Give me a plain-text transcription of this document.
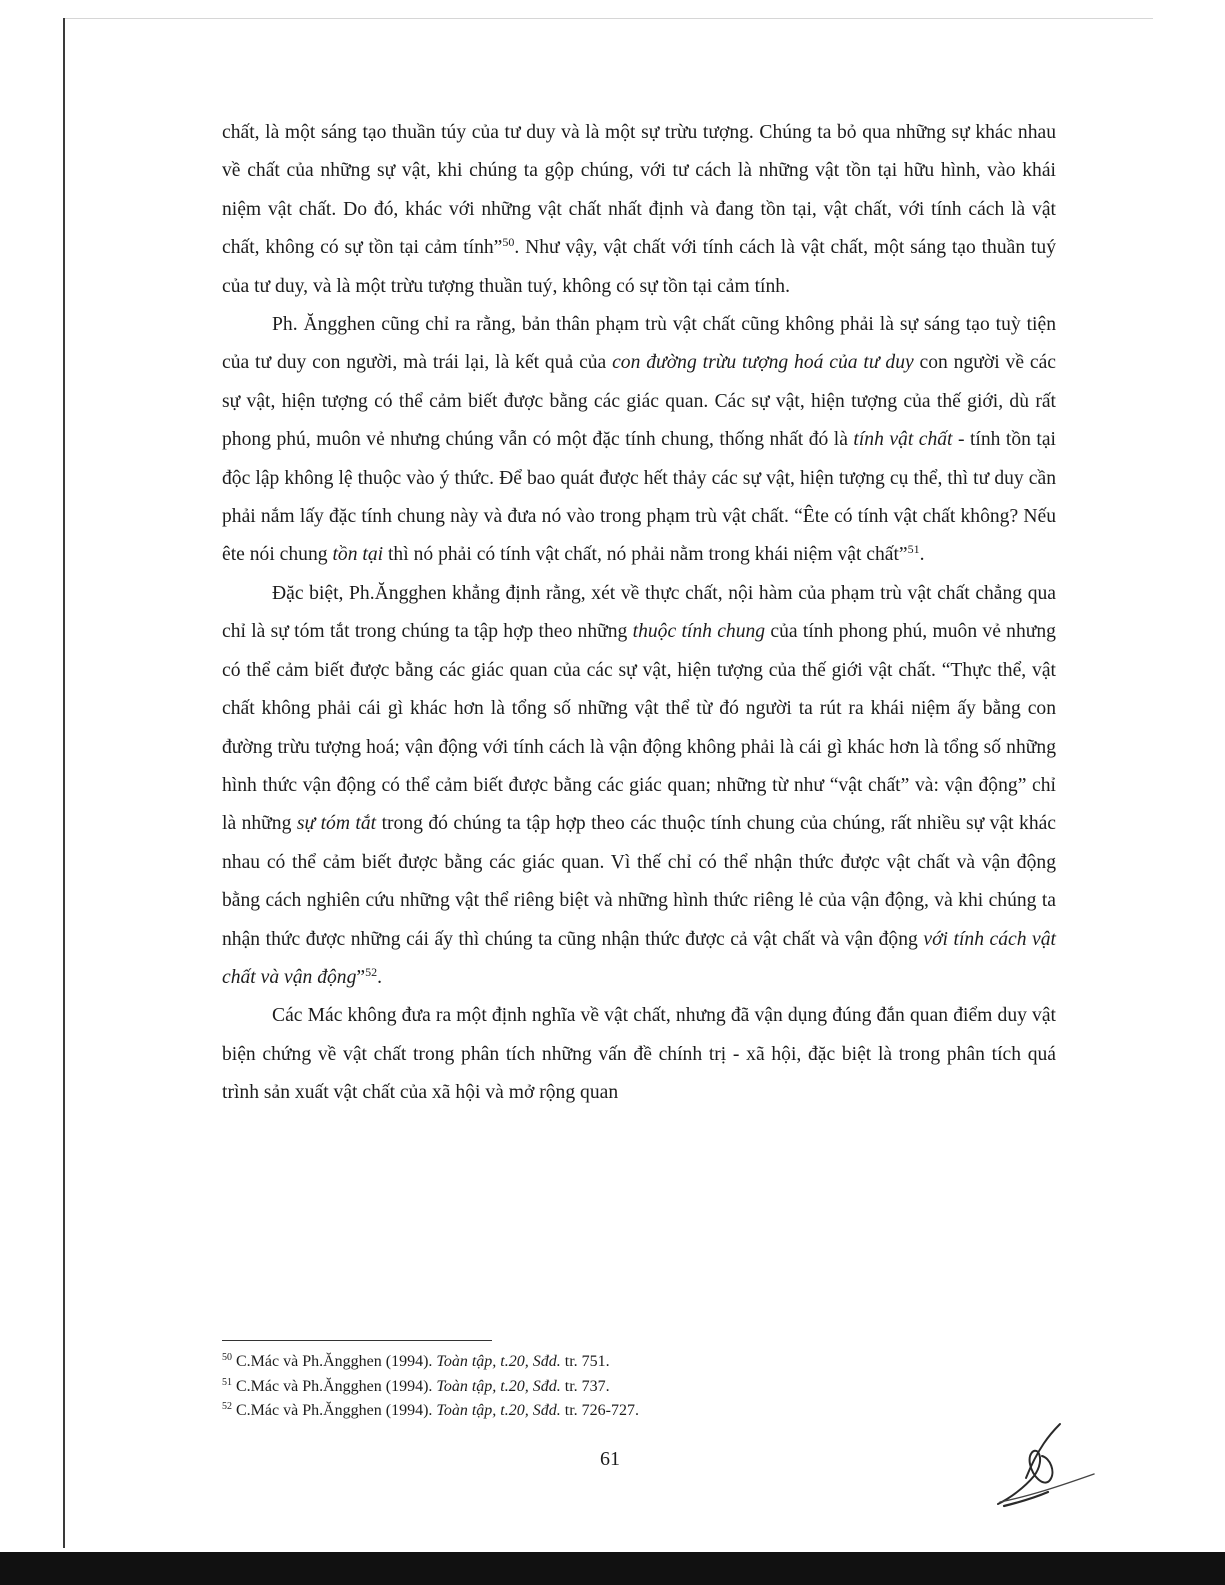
chất, là một sáng tạo thuần túy của tư duy và là một sự trừu tượng. Chúng ta bỏ qua những sự khác nhau về chất của những sự vật, khi chúng ta gộp chúng, với tư cách là những vật tồn tại hữu hình, vào khái niệm vật chất. Do đó, khác với những vật chất nhất định và đang tồn tại, vật chất, với tính cách là vật chất, không có sự tồn tại cảm tính”$^{50}$. Như vậy, vật chất với tính cách là vật chất, một sáng tạo thuần tuý của tư duy, và là một trừu tượng thuần tuý, không có sự tồn tại cảm tính.

Ph. Ăngghen cũng chỉ ra rằng, bản thân phạm trù vật chất cũng không phải là sự sáng tạo tuỳ tiện của tư duy con người, mà trái lại, là kết quả của con đường trừu tượng hoá của tư duy con người về các sự vật, hiện tượng có thể cảm biết được bằng các giác quan. Các sự vật, hiện tượng của thế giới, dù rất phong phú, muôn vẻ nhưng chúng vẫn có một đặc tính chung, thống nhất đó là tính vật chất - tính tồn tại độc lập không lệ thuộc vào ý thức. Để bao quát được hết thảy các sự vật, hiện tượng cụ thể, thì tư duy cần phải nắm lấy đặc tính chung này và đưa nó vào trong phạm trù vật chất. “Ête có tính vật chất không? Nếu ête nói chung tồn tại thì nó phải có tính vật chất, nó phải nằm trong khái niệm vật chất”$^{51}$.

Đặc biệt, Ph.Ăngghen khẳng định rằng, xét về thực chất, nội hàm của phạm trù vật chất chẳng qua chỉ là sự tóm tắt trong chúng ta tập hợp theo những thuộc tính chung của tính phong phú, muôn vẻ nhưng có thể cảm biết được bằng các giác quan của các sự vật, hiện tượng của thế giới vật chất. “Thực thể, vật chất không phải cái gì khác hơn là tổng số những vật thể từ đó người ta rút ra khái niệm ấy bằng con đường trừu tượng hoá; vận động với tính cách là vận động không phải là cái gì khác hơn là tổng số những hình thức vận động có thể cảm biết được bằng các giác quan; những từ như “vật chất” và: vận động” chỉ là những sự tóm tắt trong đó chúng ta tập hợp theo các thuộc tính chung của chúng, rất nhiều sự vật khác nhau có thể cảm biết được bằng các giác quan. Vì thế chỉ có thể nhận thức được vật chất và vận động bằng cách nghiên cứu những vật thể riêng biệt và những hình thức riêng lẻ của vận động, và khi chúng ta nhận thức được những cái ấy thì chúng ta cũng nhận thức được cả vật chất và vận động với tính cách vật chất và vận động”$^{52}$.

Các Mác không đưa ra một định nghĩa về vật chất, nhưng đã vận dụng đúng đắn quan điểm duy vật biện chứng về vật chất trong phân tích những vấn đề chính trị - xã hội, đặc biệt là trong phân tích quá trình sản xuất vật chất của xã hội và mở rộng quan

$^{50}$ C.Mác và Ph.Ăngghen (1994). Toàn tập, t.20, Sđd. tr. 751.
$^{51}$ C.Mác và Ph.Ăngghen (1994). Toàn tập, t.20, Sđd. tr. 737.
$^{52}$ C.Mác và Ph.Ăngghen (1994). Toàn tập, t.20, Sđd. tr. 726-727.
61
